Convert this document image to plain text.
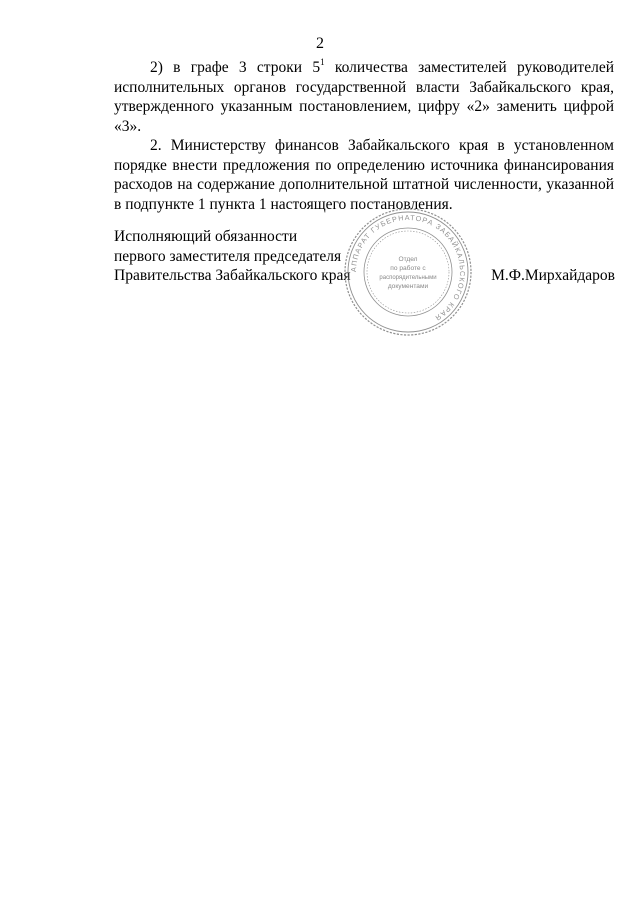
2

2) в графе 3 строки $5^1$ количества заместителей руководителей исполнительных органов государственной власти Забайкальского края, утвержденного указанным постановлением, цифру «2» заменить цифрой «3».

2. Министерству финансов Забайкальского края в установленном порядке внести предложения по определению источника финансирования расходов на содержание дополнительной штатной численности, указанной в подпункте 1 пункта 1 настоящего постановления.

Исполняющий обязанности
первого заместителя председателя
Правительства Забайкальского края
АППАРАТ ГУБЕРНАТОРА ЗАБАЙКАЛЬСКОГО КРАЯ
Отдел
по работе с
распорядительными
документами
М.Ф.Мирхайдаров
